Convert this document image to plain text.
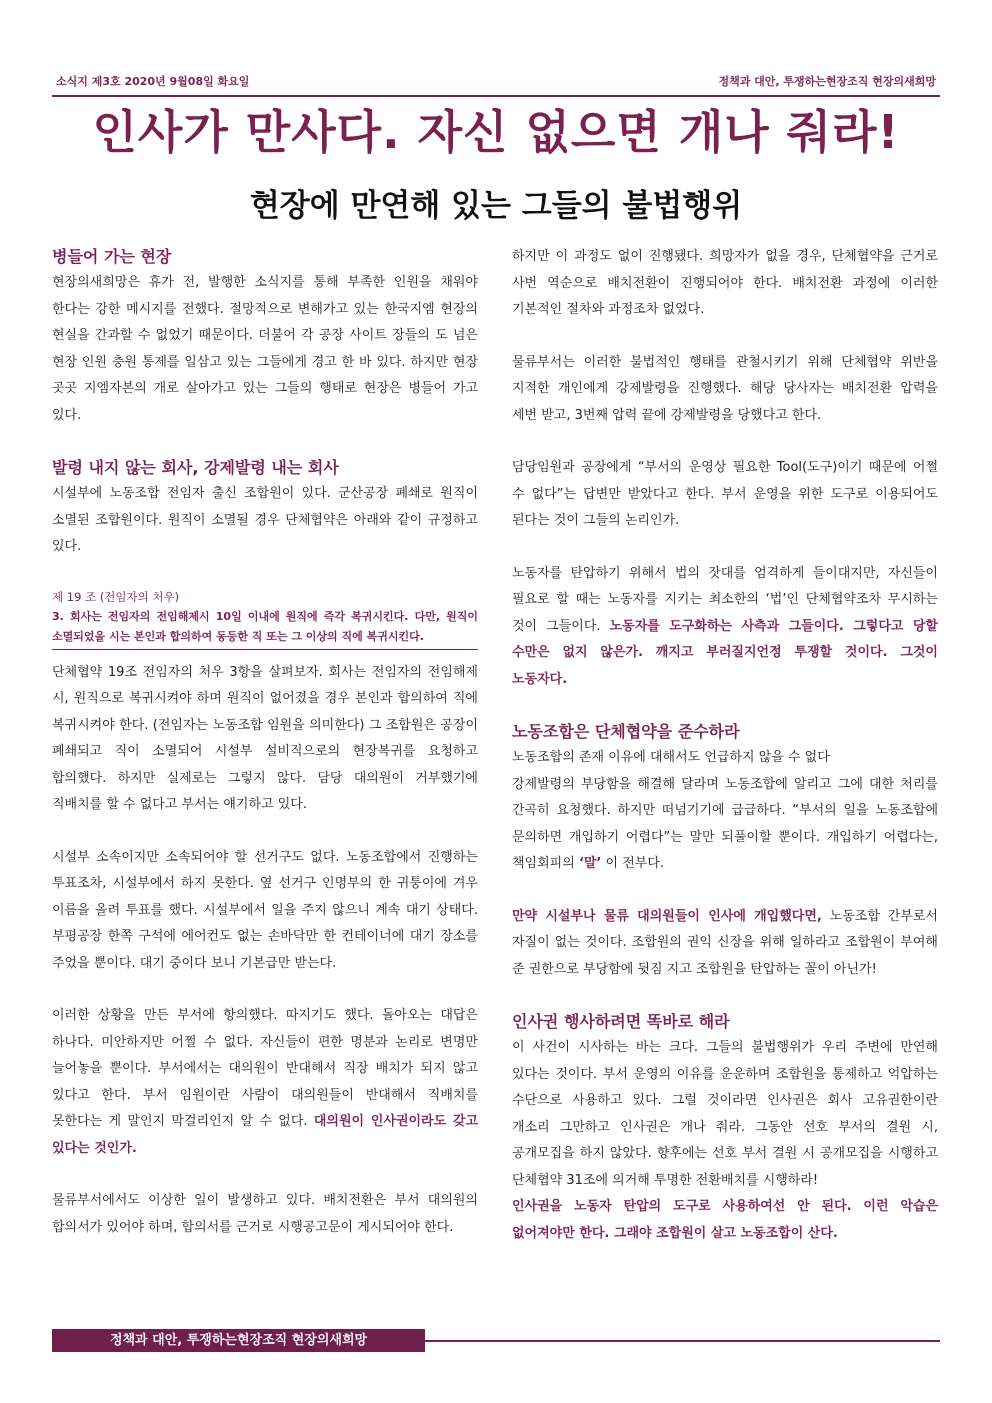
소식지 제3호 2020년 9월08일 화요일	정책과 대안, 투쟁하는현장조직 현장의새희망
인사가 만사다. 자신 없으면 개나 줘라!
현장에 만연해 있는 그들의 불법행위
병들어 가는 현장

현장의새희망은 휴가 전, 발행한 소식지를 통해 부족한 인원을 채워야 한다는 강한 메시지를 전했다. 절망적으로 변해가고 있는 한국지엠 현장의 현실을 간과할 수 없었기 때문이다. 더불어 각 공장 사이트 장들의 도 넘은 현장 인원 충원 통제를 일삼고 있는 그들에게 경고 한 바 있다. 하지만 현장 곳곳 지엠자본의 개로 살아가고 있는 그들의 행태로 현장은 병들어 가고 있다.

발령 내지 않는 회사, 강제발령 내는 회사

시설부에 노동조합 전임자 출신 조합원이 있다. 군산공장 폐쇄로 원직이 소멸된 조합원이다. 원직이 소멸될 경우 단체협약은 아래와 같이 규정하고 있다.

제 19 조 (전임자의 처우)

3. 회사는 전임자의 전임해제시 10일 이내에 원직에 즉각 복귀시킨다. 다만, 원직이 소멸되었을 시는 본인과 합의하여 동등한 직 또는 그 이상의 직에 복귀시킨다.

단체협약 19조 전임자의 처우 3항을 살펴보자. 회사는 전임자의 전임해제 시, 원직으로 복귀시켜야 하며 원직이 없어졌을 경우 본인과 합의하여 직에 복귀시켜야 한다. (전임자는 노동조합 임원을 의미한다) 그 조합원은 공장이 폐쇄되고 직이 소멸되어 시설부 설비직으로의 현장복귀를 요청하고 합의했다. 하지만 실제로는 그렇지 않다. 담당 대의원이 거부했기에 직배치를 할 수 없다고 부서는 얘기하고 있다.

시설부 소속이지만 소속되어야 할 선거구도 없다. 노동조합에서 진행하는 투표조차, 시설부에서 하지 못한다. 옆 선거구 인명부의 한 귀퉁이에 겨우 이름을 올려 투표를 했다. 시설부에서 일을 주지 않으니 계속 대기 상태다. 부평공장 한쪽 구석에 에어컨도 없는 손바닥만 한 컨테이너에 대기 장소를 주었을 뿐이다. 대기 중이다 보니 기본급만 받는다.

이러한 상황을 만든 부서에 항의했다. 따지기도 했다. 돌아오는 대답은 하나다. 미안하지만 어쩔 수 없다. 자신들이 편한 명분과 논리로 변명만 늘어놓을 뿐이다. 부서에서는 대의원이 반대해서 직장 배치가 되지 않고 있다고 한다. 부서 임원이란 사람이 대의원들이 반대해서 직배치를 못한다는 게 말인지 막걸리인지 알 수 없다. 대의원이 인사권이라도 갖고 있다는 것인가.

물류부서에서도 이상한 일이 발생하고 있다. 배치전환은 부서 대의원의 합의서가 있어야 하며, 합의서를 근거로 시행공고문이 게시되어야 한다.

하지만 이 과정도 없이 진행됐다. 희망자가 없을 경우, 단체협약을 근거로 사번 역순으로 배치전환이 진행되어야 한다. 배치전환 과정에 이러한 기본적인 절차와 과정조차 없었다.

물류부서는 이러한 불법적인 행태를 관철시키기 위해 단체협약 위반을 지적한 개인에게 강제발령을 진행했다. 해당 당사자는 배치전환 압력을 세번 받고, 3번째 압력 끝에 강제발령을 당했다고 한다.

담당임원과 공장에게 “부서의 운영상 필요한 Tool(도구)이기 때문에 어쩔 수 없다”는 답변만 받았다고 한다. 부서 운영을 위한 도구로 이용되어도 된다는 것이 그들의 논리인가.

노동자를 탄압하기 위해서 법의 잣대를 엄격하게 들이대지만, 자신들이 필요로 할 때는 노동자를 지키는 최소한의 ‘법’인 단체협약조차 무시하는 것이 그들이다. 노동자를 도구화하는 사측과 그들이다. 그렇다고 당할 수만은 없지 않은가. 깨지고 부러질지언정 투쟁할 것이다. 그것이 노동자다.

노동조합은 단체협약을 준수하라

노동조합의 존재 이유에 대해서도 언급하지 않을 수 없다

강제발령의 부당함을 해결해 달라며 노동조합에 알리고 그에 대한 처리를 간곡히 요청했다. 하지만 떠넘기기에 급급하다. “부서의 일을 노동조합에 문의하면 개입하기 어렵다”는 말만 되풀이할 뿐이다. 개입하기 어렵다는, 책임회피의 ‘말’ 이 전부다.

만약 시설부나 물류 대의원들이 인사에 개입했다면, 노동조합 간부로서 자질이 없는 것이다. 조합원의 권익 신장을 위해 일하라고 조합원이 부여해 준 권한으로 부당함에 뒷짐 지고 조합원을 탄압하는 꼴이 아닌가!

인사권 행사하려면 똑바로 해라

이 사건이 시사하는 바는 크다. 그들의 불법행위가 우리 주변에 만연해 있다는 것이다. 부서 운영의 이유를 운운하며 조합원을 통제하고 억압하는 수단으로 사용하고 있다. 그럴 것이라면 인사권은 회사 고유권한이란 개소리 그만하고 인사권은 개나 줘라. 그동안 선호 부서의 결원 시, 공개모집을 하지 않았다. 향후에는 선호 부서 결원 시 공개모집을 시행하고 단체협약 31조에 의거해 투명한 전환배치를 시행하라!

인사권을 노동자 탄압의 도구로 사용하여선 안 된다. 이런 악습은 없어져야만 한다. 그래야 조합원이 살고 노동조합이 산다.

정책과 대안, 투쟁하는현장조직 현장의새희망
